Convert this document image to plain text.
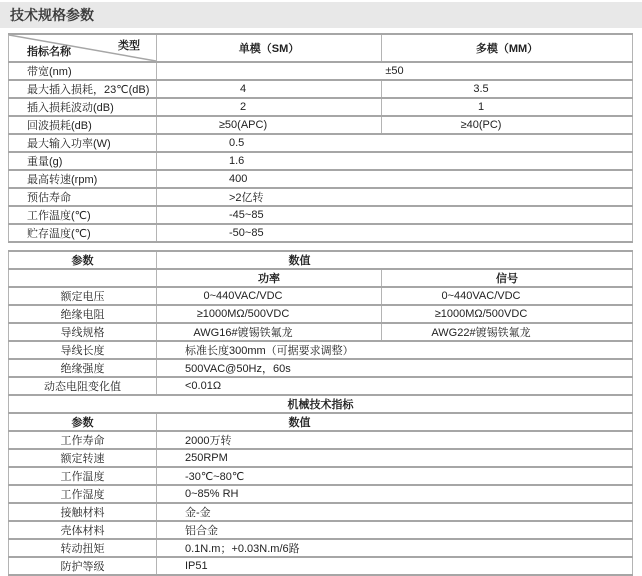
技术规格参数
指标名称 类型	单模（SM）	多模（MM）
带宽(nm)	±50	
最大插入损耗，23℃(dB)	4	3.5
插入损耗波动(dB)	2	1
回波损耗(dB)	≥50(APC)	≥40(PC)
最大输入功率(W)	0.5	
重量(g)	1.6	
最高转速(rpm)	400	
预估寿命	>2亿转	
工作温度(℃)	-45~85	
贮存温度(℃)	-50~85	
参数	数值	
	功率	信号
额定电压	0~440VAC/VDC	0~440VAC/VDC
绝缘电阻	≥1000MΩ/500VDC	≥1000MΩ/500VDC
导线规格	AWG16#镀锡铁氟龙	AWG22#镀锡铁氟龙
导线长度	标准长度300mm（可据要求调整）	
绝缘强度	500VAC@50Hz，60s	
动态电阻变化值	<0.01Ω	
机械技术指标		
参数	数值	
工作寿命	2000万转	
额定转速	250RPM	
工作温度	-30℃~80℃	
工作湿度	0~85% RH	
接触材料	金-金	
壳体材料	铝合金	
转动扭矩	0.1N.m；+0.03N.m/6路	
防护等级	IP51	
